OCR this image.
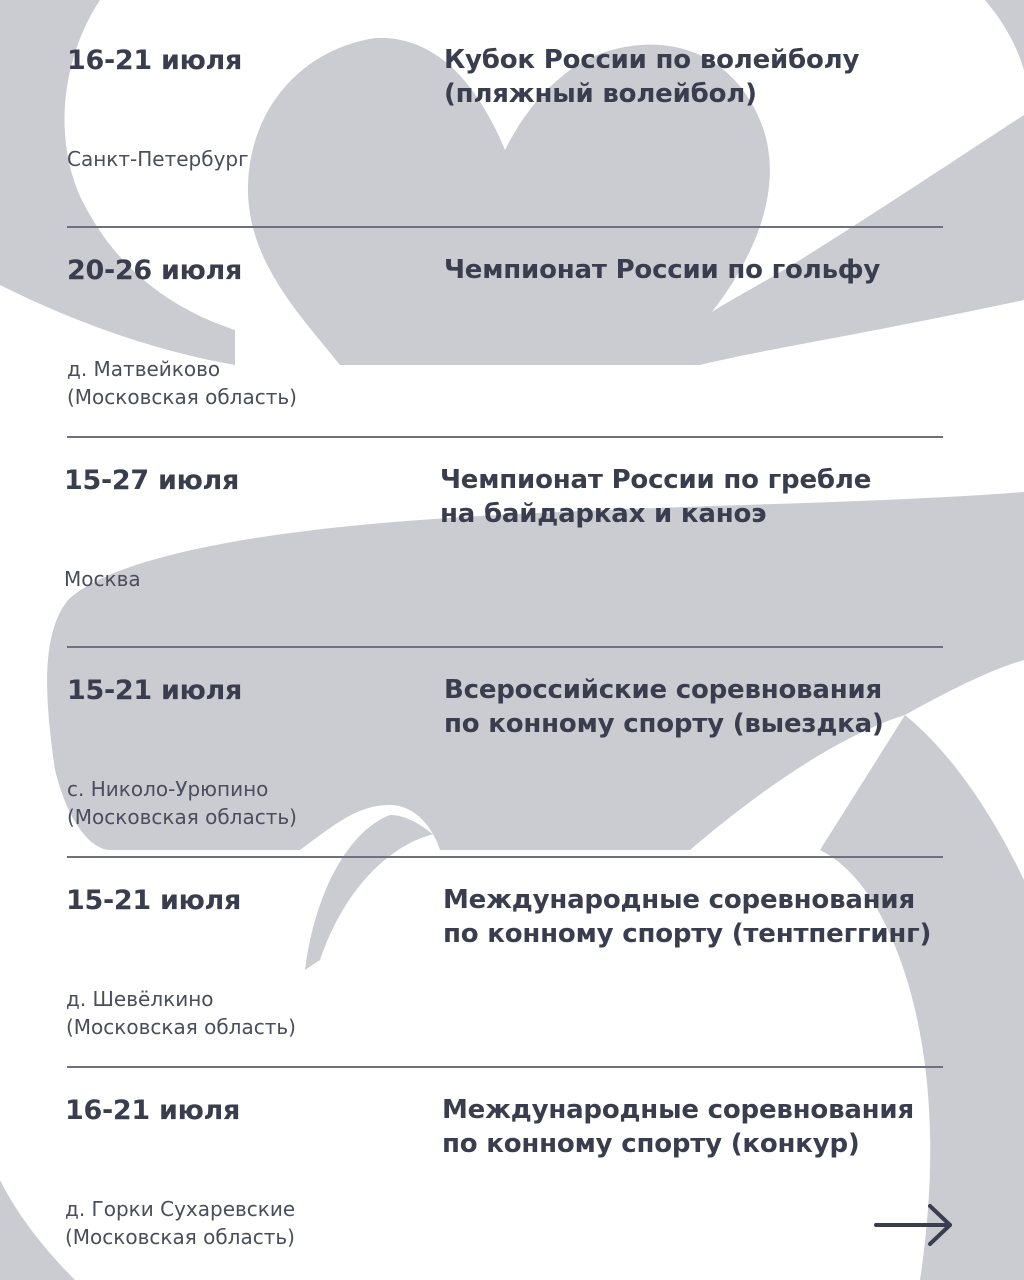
16-21 июля	Кубок России по волейболу
(пляжный волейбол)
Санкт-Петербург
20-26 июля	Чемпионат России по гольфу
д. Матвейково
(Московская область)
15-27 июля	Чемпионат России по гребле
на байдарках и каноэ
Москва
15-21 июля	Всероссийские соревнования
по конному спорту (выездка)
с. Николо-Урюпино
(Московская область)
15-21 июля	Международные соревнования
по конному спорту (тентпеггинг)
д. Шевёлкино
(Московская область)
16-21 июля	Международные соревнования
по конному спорту (конкур)
д. Горки Сухаревские
(Московская область)
